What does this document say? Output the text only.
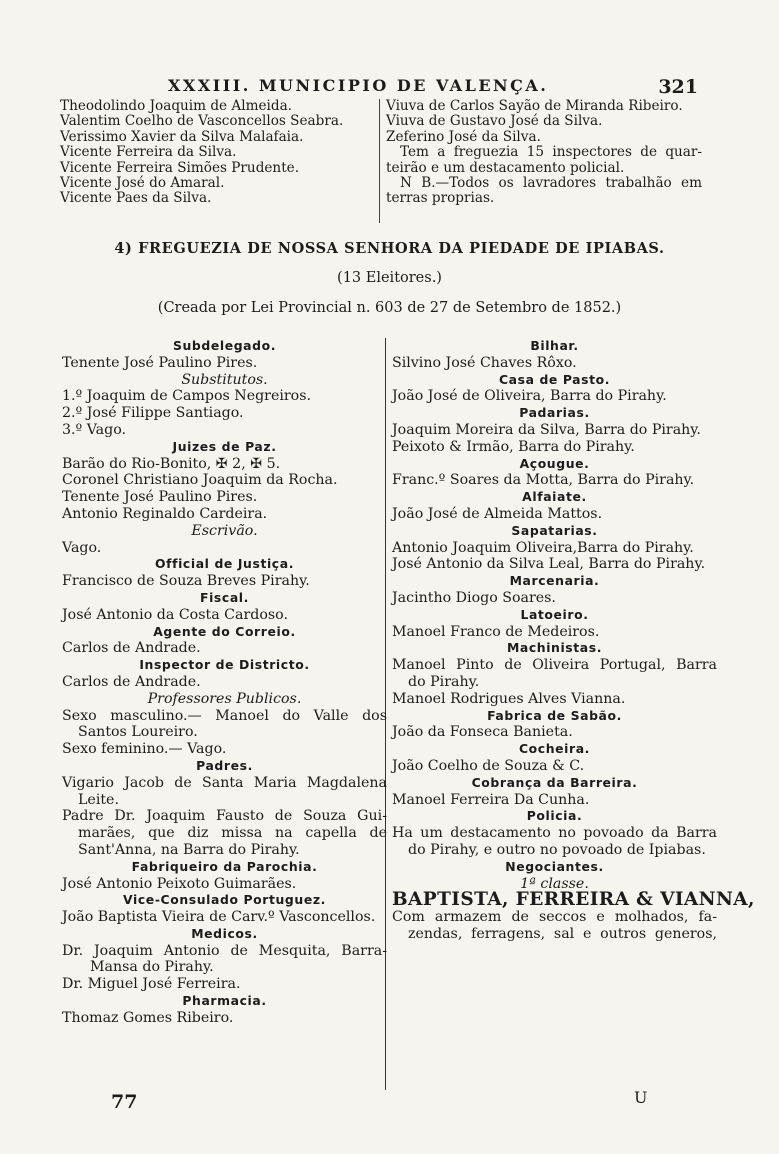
XXXIII. MUNICIPIO DE VALENÇA.	321
Theodolindo Joaquim de Almeida.
Valentim Coelho de Vasconcellos Seabra.
Verissimo Xavier da Silva Malafaia.
Vicente Ferreira da Silva.
Vicente Ferreira Simões Prudente.
Vicente José do Amaral.
Vicente Paes da Silva.
Viuva de Carlos Sayão de Miranda Ribeiro.
Viuva de Gustavo José da Silva.
Zeferino José da Silva.
Tem a freguezia 15 inspectores de quar-
teirão e um destacamento policial.
N B.—Todos os lavradores trabalhão em
terras proprias.
4) FREGUEZIA DE NOSSA SENHORA DA PIEDADE DE IPIABAS.
(13 Eleitores.)
(Creada por Lei Provincial n. 603 de 27 de Setembro de 1852.)
Subdelegado.
Tenente José Paulino Pires.
Substitutos.
1.º Joaquim de Campos Negreiros.
2.º José Filippe Santiago.
3.º Vago.
Juizes de Paz.
Barão do Rio-Bonito, ✠ 2, ✠ 5.
Coronel Christiano Joaquim da Rocha.
Tenente José Paulino Pires.
Antonio Reginaldo Cardeira.
Escrivão.
Vago.
Official de Justiça.
Francisco de Souza Breves Pirahy.
Fiscal.
José Antonio da Costa Cardoso.
Agente do Correio.
Carlos de Andrade.
Inspector de Districto.
Carlos de Andrade.
Professores Publicos.
Sexo masculino.— Manoel do Valle dos
Santos Loureiro.
Sexo feminino.— Vago.
Padres.
Vigario Jacob de Santa Maria Magdalena
Leite.
Padre Dr. Joaquim Fausto de Souza Gui-
marães, que diz missa na capella de
Sant'Anna, na Barra do Pirahy.
Fabriqueiro da Parochia.
José Antonio Peixoto Guimarães.
Vice-Consulado Portuguez.
João Baptista Vieira de Carv.º Vasconcellos.
Medicos.
Dr. Joaquim Antonio de Mesquita, Barra-
Mansa do Pirahy.
Dr. Miguel José Ferreira.
Pharmacia.
Thomaz Gomes Ribeiro.
Bilhar.
Silvino José Chaves Rôxo.
Casa de Pasto.
João José de Oliveira, Barra do Pirahy.
Padarias.
Joaquim Moreira da Silva, Barra do Pirahy.
Peixoto & Irmão, Barra do Pirahy.
Açougue.
Franc.º Soares da Motta, Barra do Pirahy.
Alfaiate.
João José de Almeida Mattos.
Sapatarias.
Antonio Joaquim Oliveira,Barra do Pirahy.
José Antonio da Silva Leal, Barra do Pirahy.
Marcenaria.
Jacintho Diogo Soares.
Latoeiro.
Manoel Franco de Medeiros.
Machinistas.
Manoel Pinto de Oliveira Portugal, Barra
do Pirahy.
Manoel Rodrigues Alves Vianna.
Fabrica de Sabão.
João da Fonseca Banieta.
Cocheira.
João Coelho de Souza & C.
Cobrança da Barreira.
Manoel Ferreira Da Cunha.
Policia.
Ha um destacamento no povoado da Barra
do Pirahy, e outro no povoado de Ipiabas.
Negociantes.
1ª classe.
BAPTISTA, FERREIRA & VIANNA,
Com armazem de seccos e molhados, fa-
zendas, ferragens, sal e outros generos,
77	U
